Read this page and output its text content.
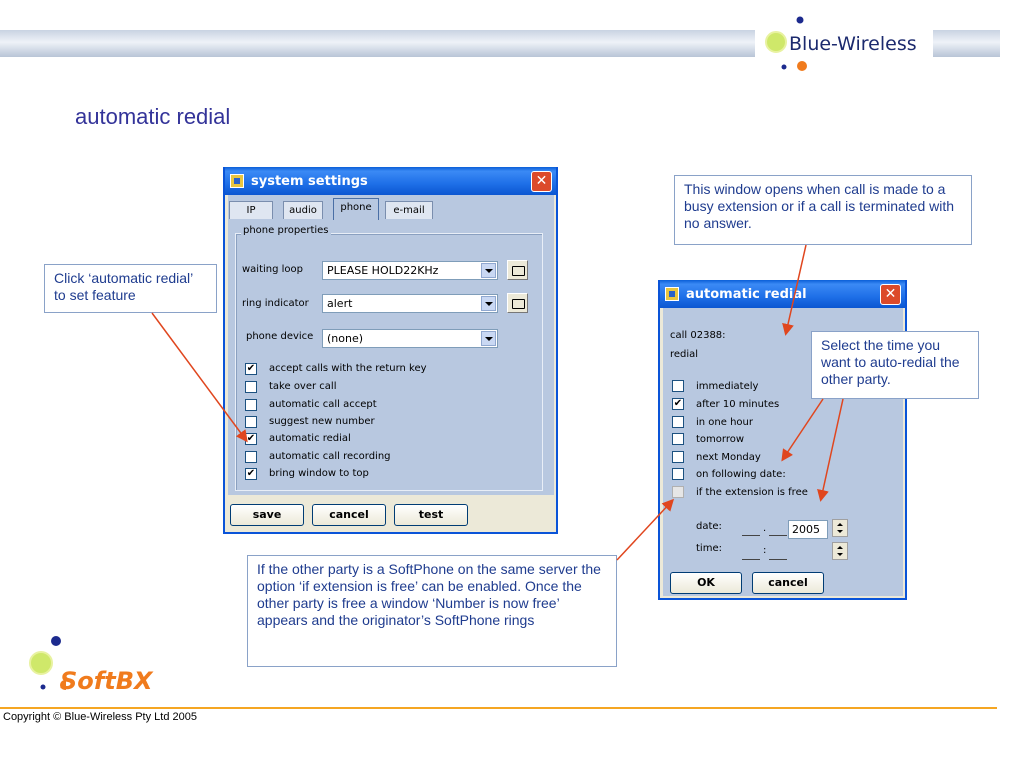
Blue-Wireless
automatic redial
system settings	✕
IP	audio	phone	e-mail
phone properties
waiting loop	PLEASE HOLD22KHz
ring indicator	alert
phone device	(none)
✔ accept calls with the return key
take over call
automatic call accept
suggest new number
✔ automatic redial
automatic call recording
✔ bring window to top
save	cancel	test
automatic redial	✕
call 02388:
redial
immediately
✔ after 10 minutes
in one hour
tomorrow
next Monday
on following date:
if the extension is free
date:	.	2005
time:	:
OK	cancel
Click ‘automatic redial’ to set feature
This window opens when call is made to a busy extension or if a call is terminated with no answer.
Select the time you want to auto-redial the other party.
If the other party is a SoftPhone on the same server the option ‘if extension is free’ can be enabled. Once the other party is free a window ‘Number is now free’ appears and the originator’s SoftPhone rings
SoftBX
Copyright © Blue-Wireless Pty Ltd 2005
